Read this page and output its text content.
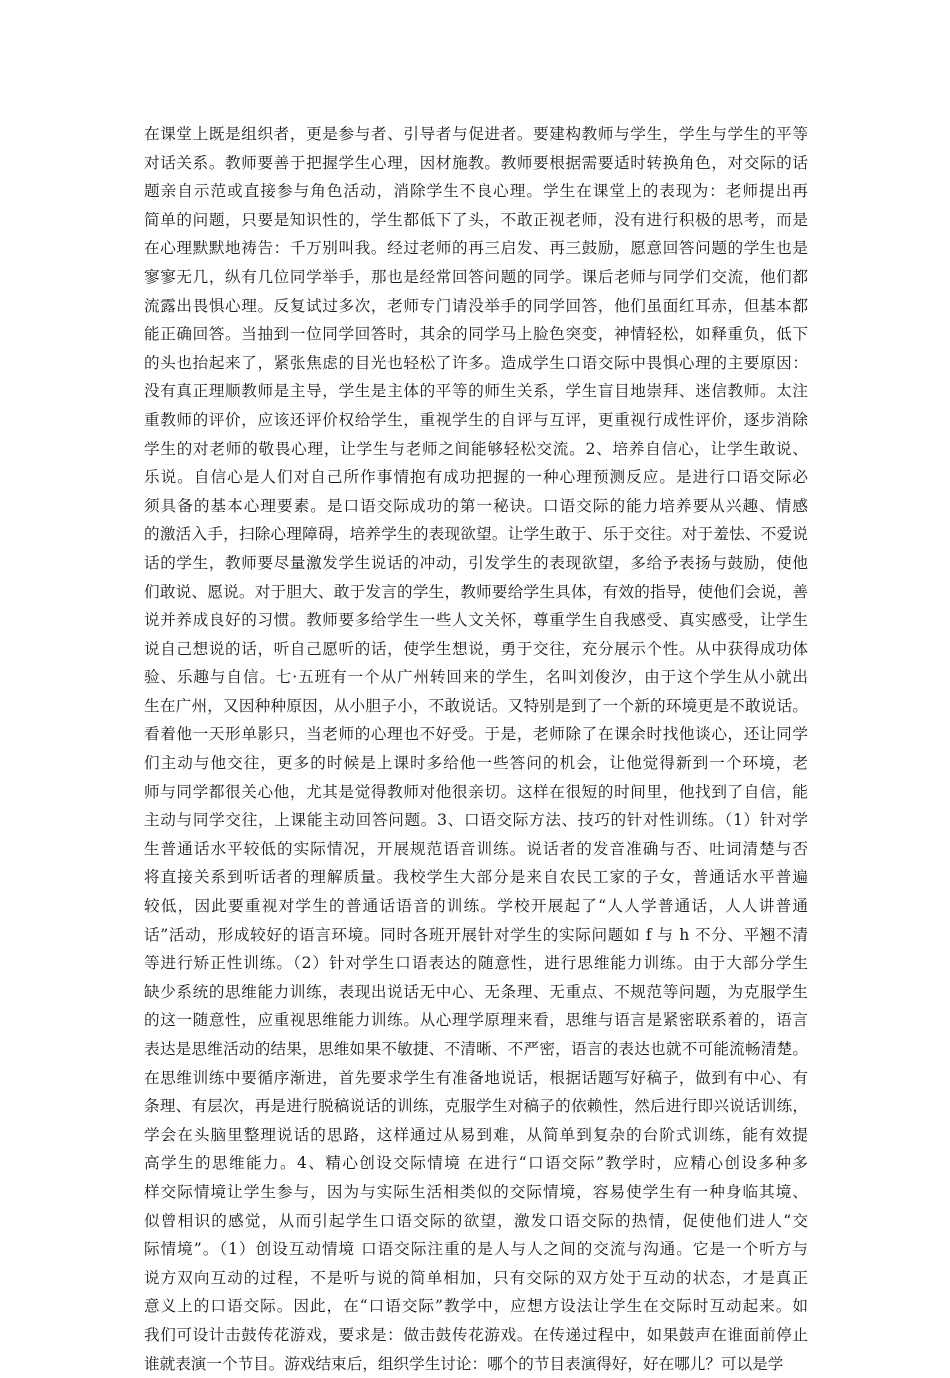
在课堂上既是组织者，更是参与者、引导者与促进者。要建构教师与学生，学生与学生的平等
对话关系。教师要善于把握学生心理，因材施教。教师要根据需要适时转换角色，对交际的话
题亲自示范或直接参与角色活动，消除学生不良心理。学生在课堂上的表现为：老师提出再
简单的问题，只要是知识性的，学生都低下了头，不敢正视老师，没有进行积极的思考，而是
在心理默默地祷告：千万别叫我。经过老师的再三启发、再三鼓励，愿意回答问题的学生也是
寥寥无几，纵有几位同学举手，那也是经常回答问题的同学。课后老师与同学们交流，他们都
流露出畏惧心理。反复试过多次，老师专门请没举手的同学回答，他们虽面红耳赤，但基本都
能正确回答。当抽到一位同学回答时，其余的同学马上脸色突变，神情轻松，如释重负，低下
的头也抬起来了，紧张焦虑的目光也轻松了许多。造成学生口语交际中畏惧心理的主要原因：
没有真正理顺教师是主导，学生是主体的平等的师生关系，学生盲目地崇拜、迷信教师。太注
重教师的评价，应该还评价权给学生，重视学生的自评与互评，更重视行成性评价，逐步消除
学生的对老师的敬畏心理，让学生与老师之间能够轻松交流。2、培养自信心，让学生敢说、
乐说。自信心是人们对自己所作事情抱有成功把握的一种心理预测反应。是进行口语交际必
须具备的基本心理要素。是口语交际成功的第一秘诀。口语交际的能力培养要从兴趣、情感
的激活入手，扫除心理障碍，培养学生的表现欲望。让学生敢于、乐于交往。对于羞怯、不爱说
话的学生，教师要尽量激发学生说话的冲动，引发学生的表现欲望，多给予表扬与鼓励，使他
们敢说、愿说。对于胆大、敢于发言的学生，教师要给学生具体，有效的指导，使他们会说，善
说并养成良好的习惯。教师要多给学生一些人文关怀，尊重学生自我感受、真实感受，让学生
说自己想说的话，听自己愿听的话，使学生想说，勇于交往，充分展示个性。从中获得成功体
验、乐趣与自信。七·五班有一个从广州转回来的学生，名叫刘俊汐，由于这个学生从小就出
生在广州，又因种种原因，从小胆子小，不敢说话。又特别是到了一个新的环境更是不敢说话。
看着他一天形单影只，当老师的心理也不好受。于是，老师除了在课余时找他谈心，还让同学
们主动与他交往，更多的时候是上课时多给他一些答问的机会，让他觉得新到一个环境，老
师与同学都很关心他，尤其是觉得教师对他很亲切。这样在很短的时间里，他找到了自信，能
主动与同学交往，上课能主动回答问题。3、口语交际方法、技巧的针对性训练。（1）针对学
生普通话水平较低的实际情况，开展规范语音训练。说话者的发音准确与否、吐词清楚与否
将直接关系到听话者的理解质量。我校学生大部分是来自农民工家的子女，普通话水平普遍
较低，因此要重视对学生的普通话语音的训练。学校开展起了“人人学普通话，人人讲普通
话”活动，形成较好的语言环境。同时各班开展针对学生的实际问题如 f 与 h 不分、平翘不清
等进行矫正性训练。（2）针对学生口语表达的随意性，进行思维能力训练。由于大部分学生
缺少系统的思维能力训练，表现出说话无中心、无条理、无重点、不规范等问题，为克服学生
的这一随意性，应重视思维能力训练。从心理学原理来看，思维与语言是紧密联系着的，语言
表达是思维活动的结果，思维如果不敏捷、不清晰、不严密，语言的表达也就不可能流畅清楚。
在思维训练中要循序渐进，首先要求学生有准备地说话，根据话题写好稿子，做到有中心、有
条理、有层次，再是进行脱稿说话的训练，克服学生对稿子的依赖性，然后进行即兴说话训练，
学会在头脑里整理说话的思路，这样通过从易到难，从简单到复杂的台阶式训练，能有效提
高学生的思维能力。4、精心创设交际情境 在进行“口语交际”教学时，应精心创设多种多
样交际情境让学生参与，因为与实际生活相类似的交际情境，容易使学生有一种身临其境、
似曾相识的感觉，从而引起学生口语交际的欲望，激发口语交际的热情，促使他们进人“交
际情境”。（1）创设互动情境 口语交际注重的是人与人之间的交流与沟通。它是一个听方与
说方双向互动的过程，不是听与说的简单相加，只有交际的双方处于互动的状态，才是真正
意义上的口语交际。因此，在“口语交际”教学中，应想方设法让学生在交际时互动起来。如
我们可设计击鼓传花游戏，要求是：做击鼓传花游戏。在传递过程中，如果鼓声在谁面前停止
谁就表演一个节目。游戏结束后，组织学生讨论：哪个的节目表演得好，好在哪儿？可以是学
